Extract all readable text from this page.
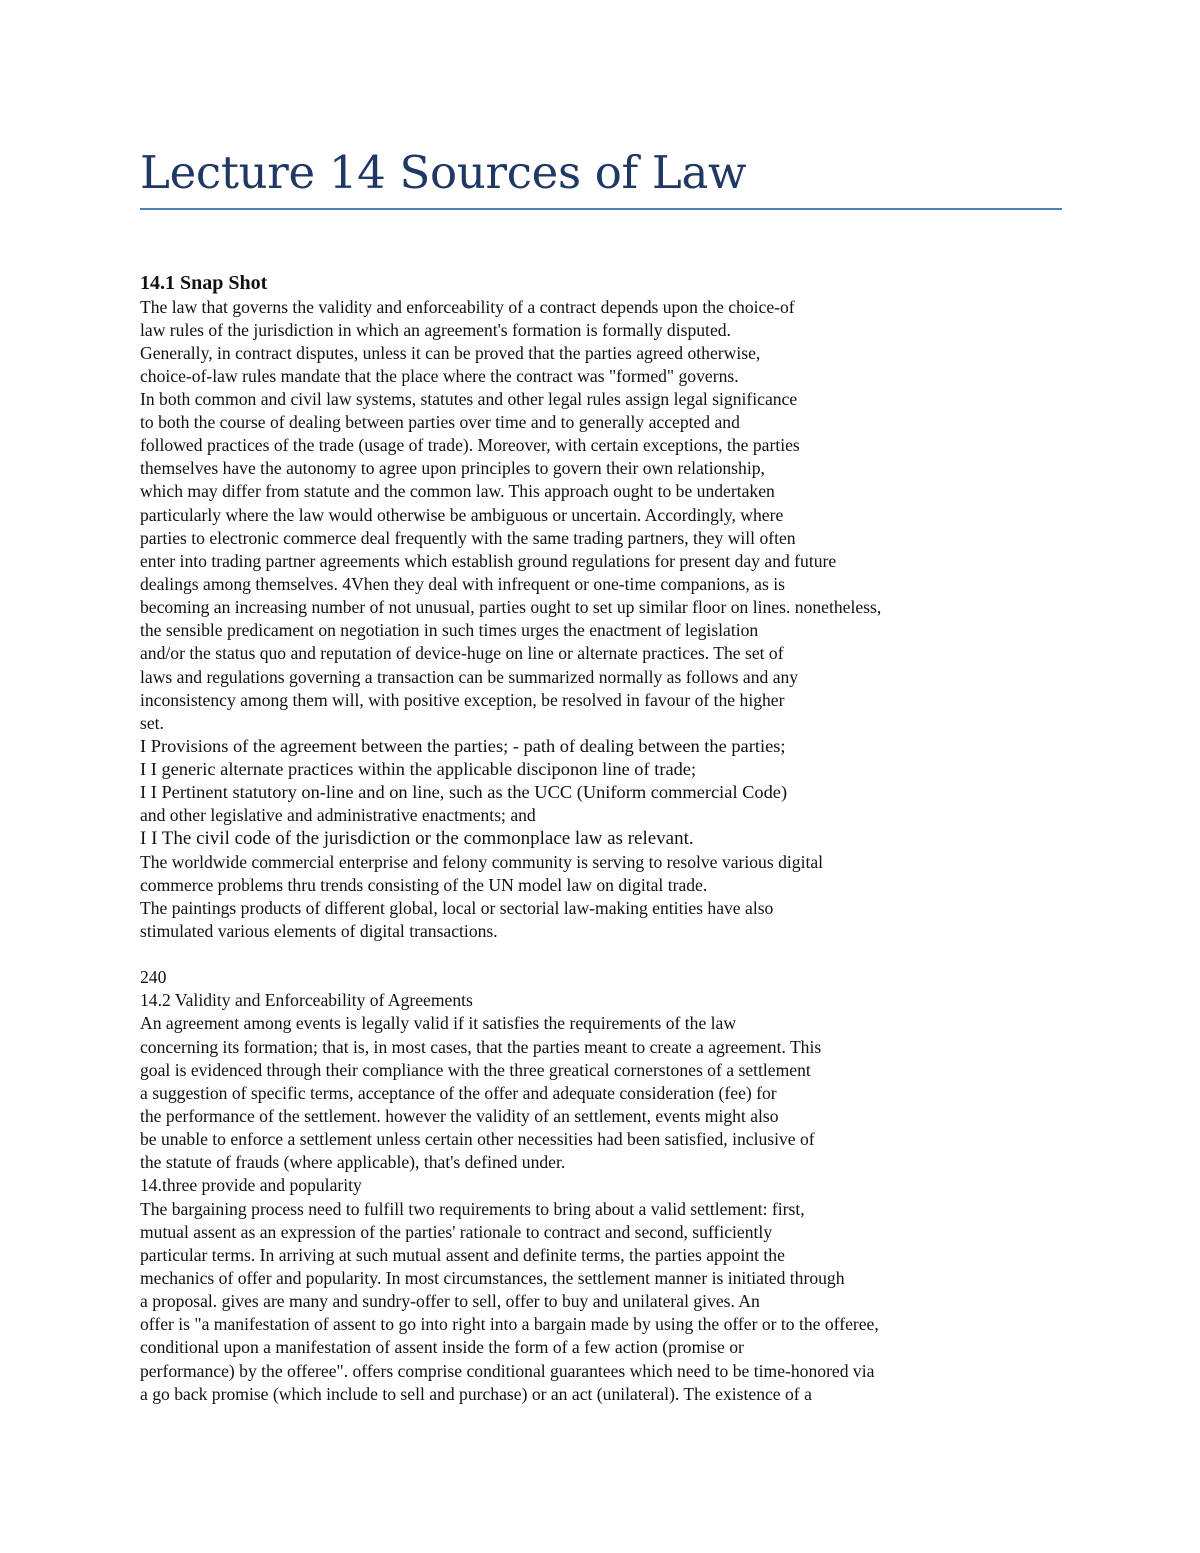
Lecture 14 Sources of Law
14.1 Snap Shot
The law that governs the validity and enforceability of a contract depends upon the choice-of
law rules of the jurisdiction in which an agreement's formation is formally disputed.
Generally, in contract disputes, unless it can be proved that the parties agreed otherwise,
choice-of-law rules mandate that the place where the contract was "formed" governs.
In both common and civil law systems, statutes and other legal rules assign legal significance
to both the course of dealing between parties over time and to generally accepted and
followed practices of the trade (usage of trade). Moreover, with certain exceptions, the parties
themselves have the autonomy to agree upon principles to govern their own relationship,
which may differ from statute and the common law. This approach ought to be undertaken
particularly where the law would otherwise be ambiguous or uncertain. Accordingly, where
parties to electronic commerce deal frequently with the same trading partners, they will often
enter into trading partner agreements which establish ground regulations for present day and future
dealings among themselves. 4Vhen they deal with infrequent or one-time companions, as is
becoming an increasing number of not unusual, parties ought to set up similar floor on lines. nonetheless,
the sensible predicament on negotiation in such times urges the enactment of legislation
and/or the status quo and reputation of device-huge on line or alternate practices. The set of
laws and regulations governing a transaction can be summarized normally as follows and any
inconsistency among them will, with positive exception, be resolved in favour of the higher
set.
I Provisions of the agreement between the parties; - path of dealing between the parties;
I I generic alternate practices within the applicable disciponon line of trade;
I I Pertinent statutory on-line and on line, such as the UCC (Uniform commercial Code)
and other legislative and administrative enactments; and
I I The civil code of the jurisdiction or the commonplace law as relevant.
The worldwide commercial enterprise and felony community is serving to resolve various digital
commerce problems thru trends consisting of the UN model law on digital trade.
The paintings products of different global, local or sectorial law-making entities have also
stimulated various elements of digital transactions.
240
14.2 Validity and Enforceability of Agreements
An agreement among events is legally valid if it satisfies the requirements of the law
concerning its formation; that is, in most cases, that the parties meant to create a agreement. This
goal is evidenced through their compliance with the three greatical cornerstones of a settlement
a suggestion of specific terms, acceptance of the offer and adequate consideration (fee) for
the performance of the settlement. however the validity of an settlement, events might also
be unable to enforce a settlement unless certain other necessities had been satisfied, inclusive of
the statute of frauds (where applicable), that's defined under.
14.three provide and popularity
The bargaining process need to fulfill two requirements to bring about a valid settlement: first,
mutual assent as an expression of the parties' rationale to contract and second, sufficiently
particular terms. In arriving at such mutual assent and definite terms, the parties appoint the
mechanics of offer and popularity. In most circumstances, the settlement manner is initiated through
a proposal. gives are many and sundry-offer to sell, offer to buy and unilateral gives. An
offer is "a manifestation of assent to go into right into a bargain made by using the offer or to the offeree,
conditional upon a manifestation of assent inside the form of a few action (promise or
performance) by the offeree". offers comprise conditional guarantees which need to be time-honored via
a go back promise (which include to sell and purchase) or an act (unilateral). The existence of a
